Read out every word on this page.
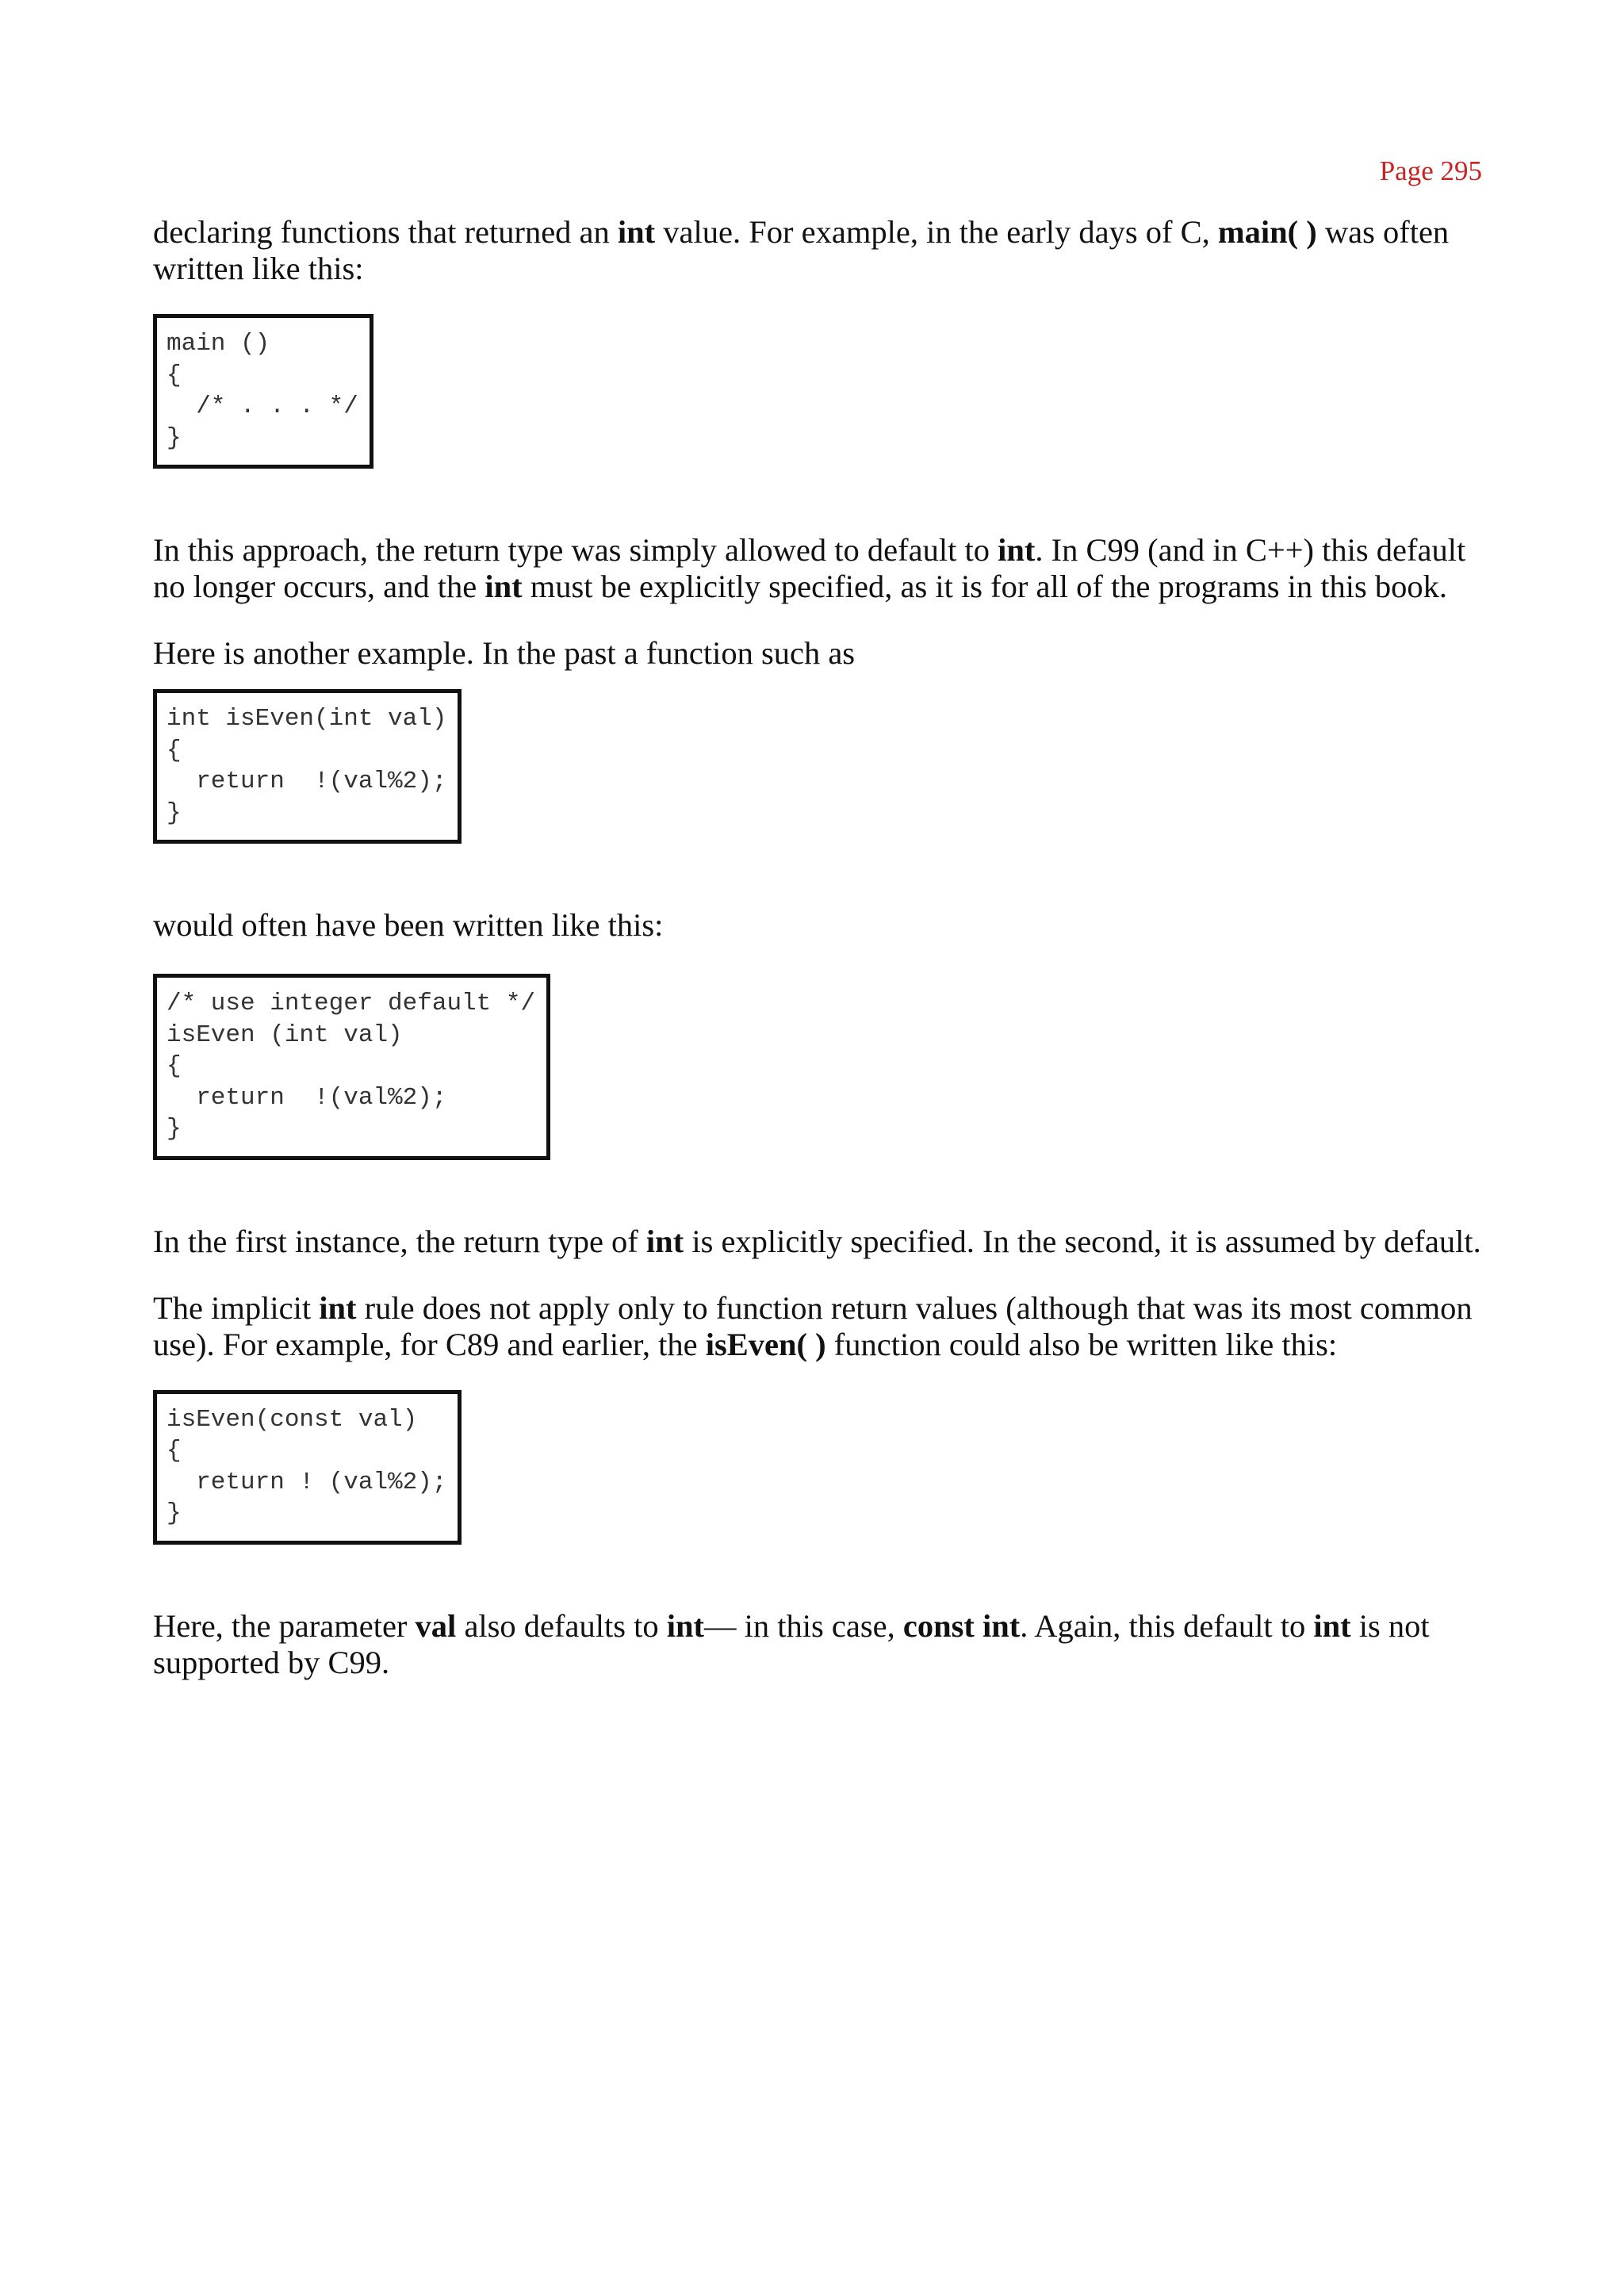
Page 295

declaring functions that returned an int value. For example, in the early days of C, main( ) was often written like this:

main ()
{
/* . . . */
}

In this approach, the return type was simply allowed to default to int. In C99 (and in C++) this default no longer occurs, and the int must be explicitly specified, as it is for all of the programs in this book.

Here is another example. In the past a function such as

int isEven(int val)
{
return  !(val%2);
}

would often have been written like this:

/* use integer default */
isEven (int val)
{
return  !(val%2);
}

In the first instance, the return type of int is explicitly specified. In the second, it is assumed by default.

The implicit int rule does not apply only to function return values (although that was its most common use). For example, for C89 and earlier, the isEven( ) function could also be written like this:

isEven(const val)
{
return ! (val%2);
}

Here, the parameter val also defaults to int— in this case, const int. Again, this default to int is not supported by C99.
